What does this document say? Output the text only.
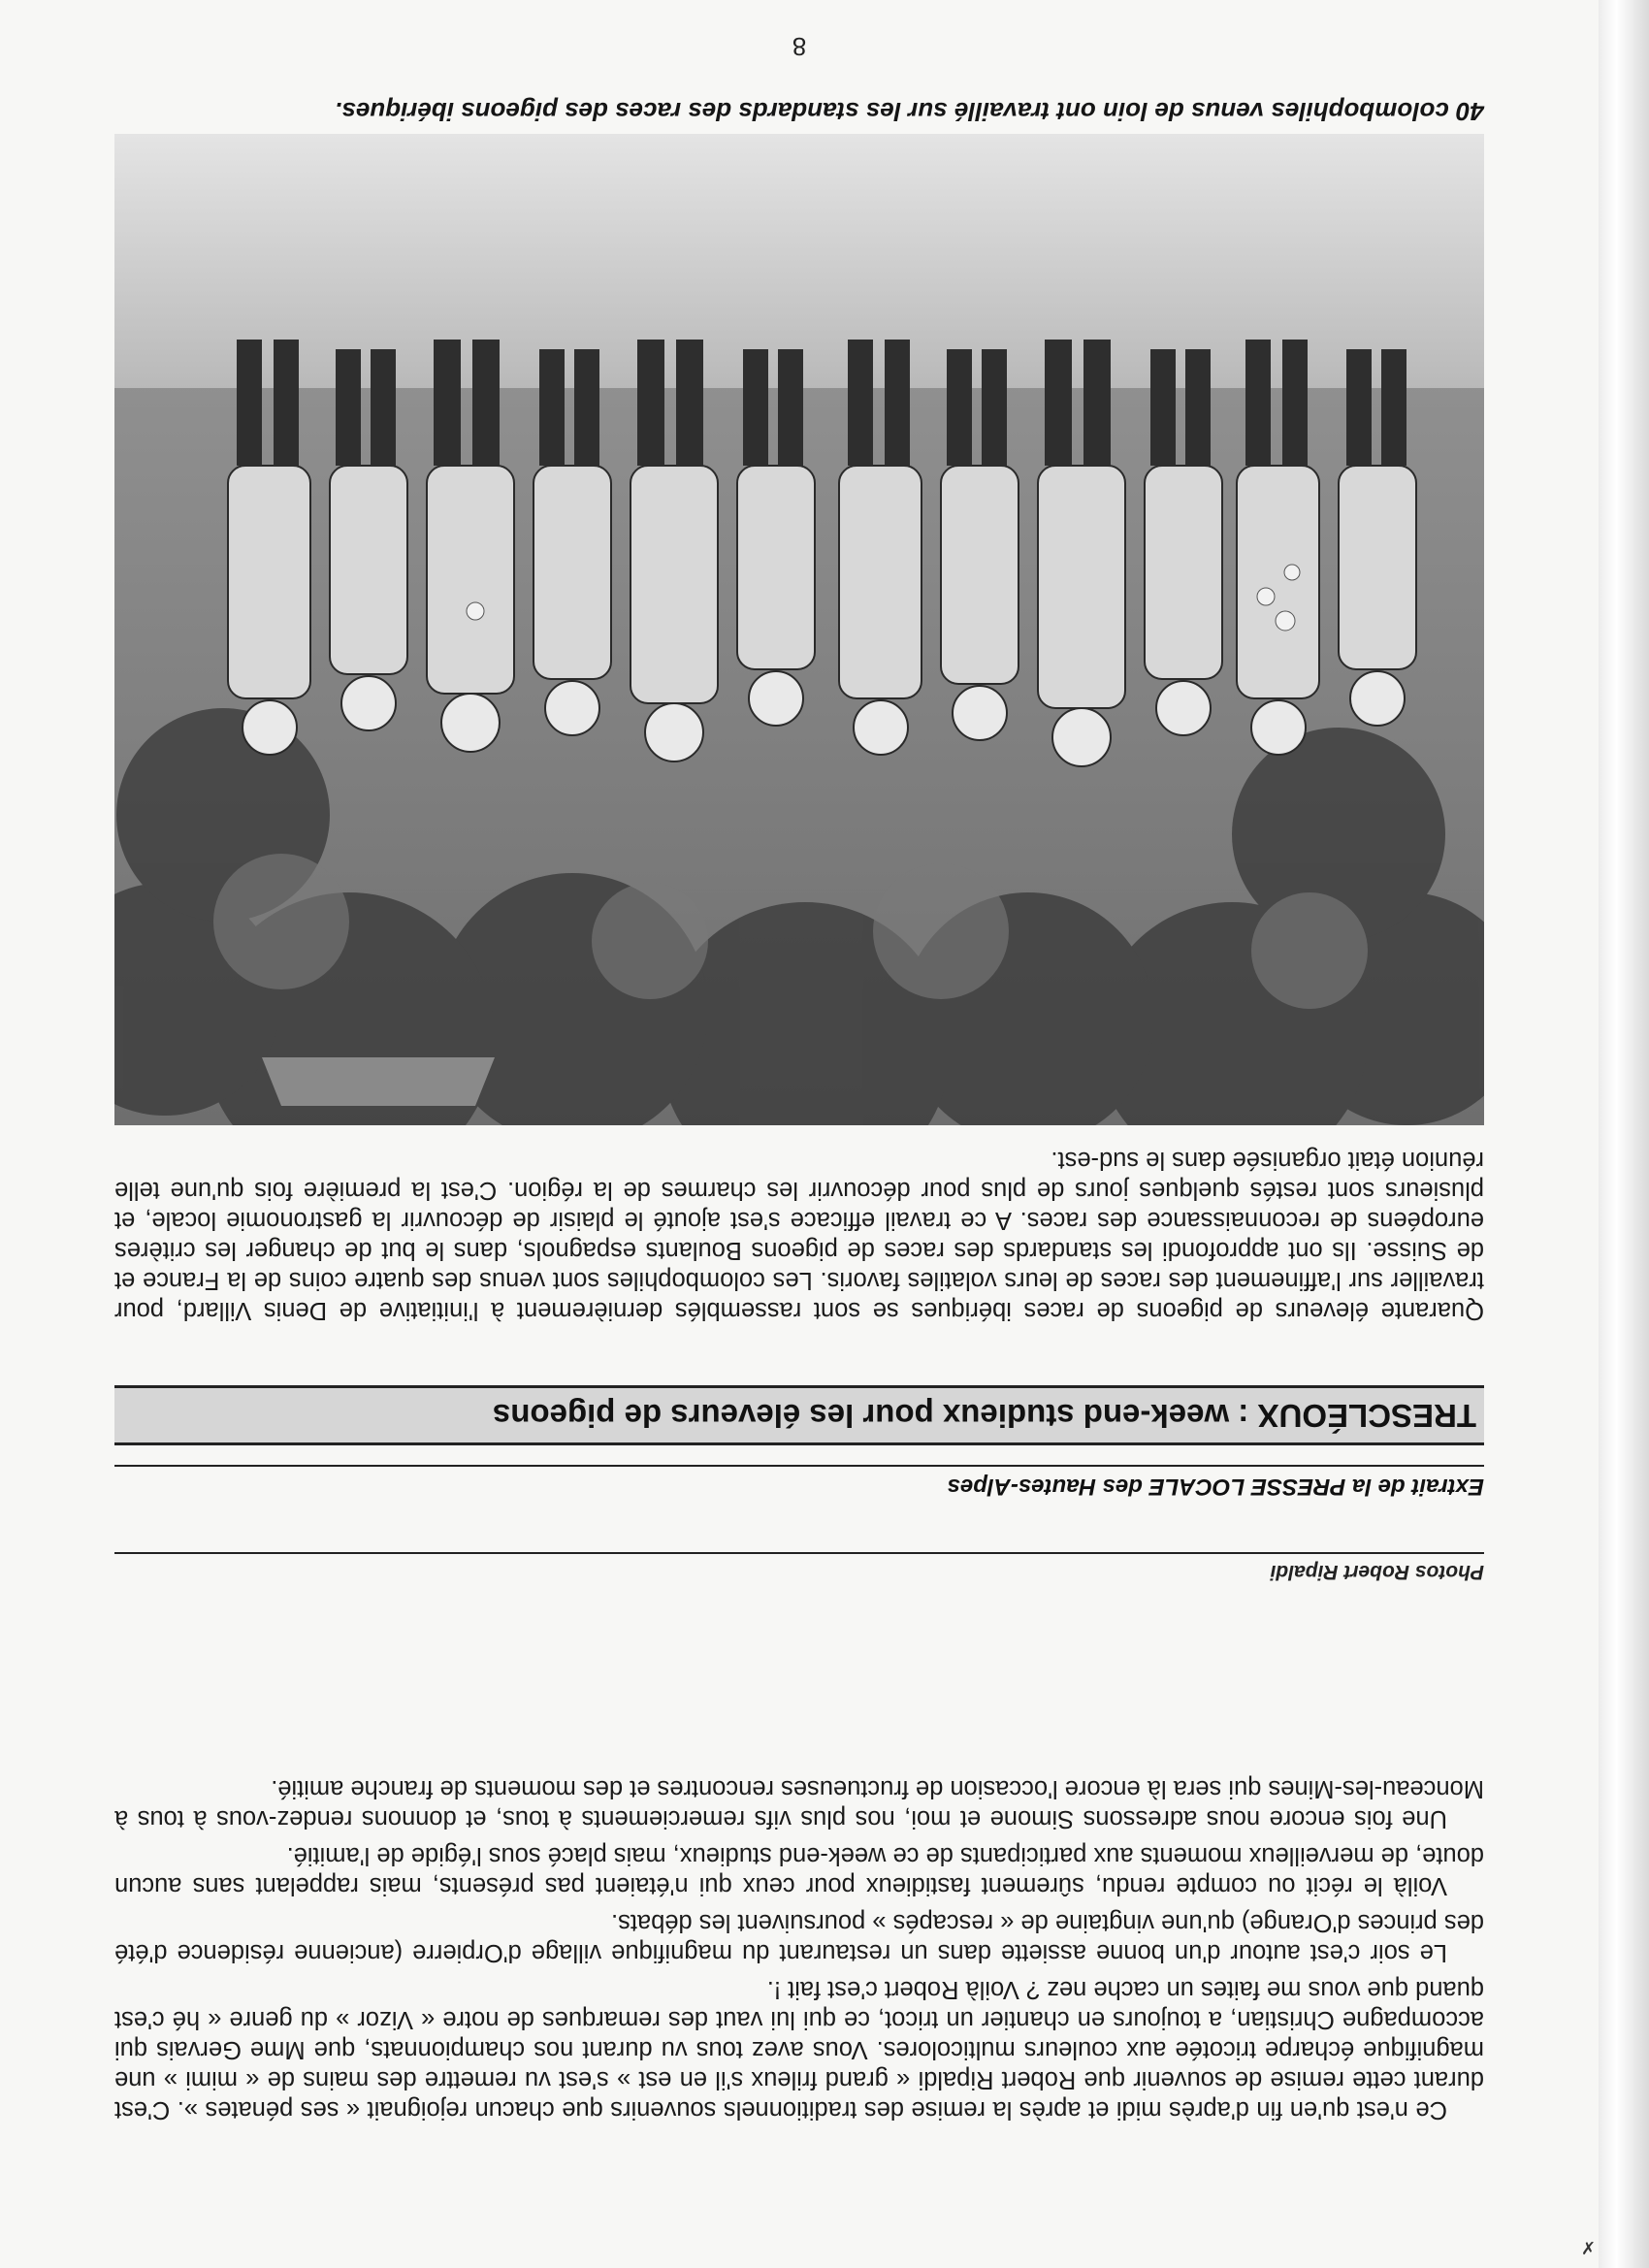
40 colombophiles venus de loin ont travaillé sur les standards des races des pigeons ibériques.
8

Quarante éleveurs de pigeons de races ibériques se sont rassemblés dernièrement à l'initiative de Denis Villard, pour travailler sur l'affinement des races de leurs volatiles favoris. Les colombophiles sont venus des quatre coins de la France et de Suisse. Ils ont approfondi les standards des races de pigeons Boulants espagnols, dans le but de changer les critères européens de reconnaissance des races. A ce travail efficace s'est ajouté le plaisir de découvrir la gastronomie locale, et plusieurs sont restés quelques jours de plus pour découvrir les charmes de la région. C'est la première fois qu'une telle réunion était organisée dans le sud-est.

TRESCLÉOUX : week-end studieux pour les éleveurs de pigeons
Extrait de la PRESSE LOCALE des Hautes-Alpes
Photos Robert Ripaldi

Ce n'est qu'en fin d'après midi et après la remise des traditionnels souvenirs que chacun rejoignait « ses pénates ». C'est durant cette remise de souvenir que Robert Ripaldi « grand frileux s'il en est » s'est vu remettre des mains de « mimi » une magnifique écharpe tricotée aux couleurs multicolores. Vous avez tous vu durant nos championnats, que Mme Gervais qui accompagne Christian, a toujours en chantier un tricot, ce qui lui vaut des remarques de notre « Vizor » du genre « hé c'est quand que vous me faites un cache nez ? Voilà Robert c'est fait !.

Le soir c'est autour d'un bonne assiette dans un restaurant du magnifique village d'Orpierre (ancienne résidence d'été des princes d'Orange) qu'une vingtaine de « rescapés » poursuivent les débats.

Voilà le récit ou compte rendu, sûrement fastidieux pour ceux qui n'étaient pas présents, mais rappelant sans aucun doute, de merveilleux moments aux participants de ce week-end studieux, mais placé sous l'égide de l'amitié.

Une fois encore nous adressons Simone et moi, nos plus vifs remerciements à tous, et donnons rendez-vous à tous à Monceau-les-Mines qui sera là encore l'occasion de fructueuses rencontres et des moments de franche amitié.

✗
